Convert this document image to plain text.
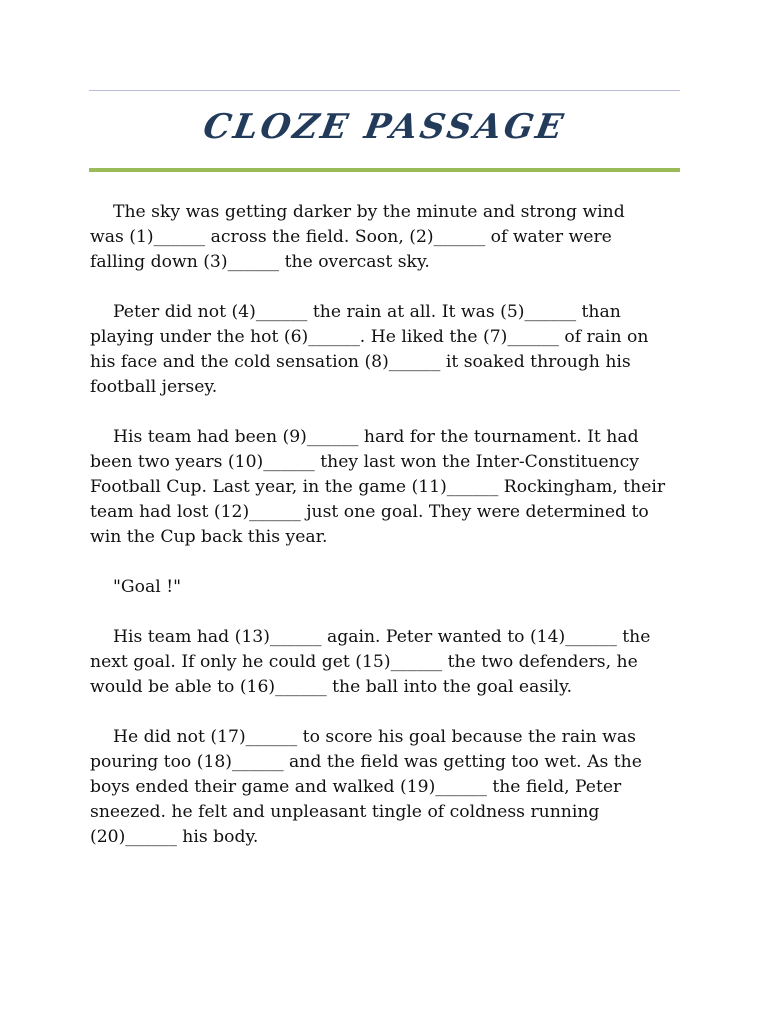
CLOZE PASSAGE

The sky was getting darker by the minute and strong wind
was (1)______ across the field. Soon, (2)______ of water were
falling down (3)______ the overcast sky.

Peter did not (4)______ the rain at all. It was (5)______ than
playing under the hot (6)______. He liked the (7)______ of rain on
his face and the cold sensation (8)______ it soaked through his
football jersey.

His team had been (9)______ hard for the tournament. It had
been two years (10)______ they last won the Inter-Constituency
Football Cup. Last year, in the game (11)______ Rockingham, their
team had lost (12)______ just one goal. They were determined to
win the Cup back this year.

"Goal !"

His team had (13)______ again. Peter wanted to (14)______ the
next goal. If only he could get (15)______ the two defenders, he
would be able to (16)______ the ball into the goal easily.

He did not (17)______ to score his goal because the rain was
pouring too (18)______ and the field was getting too wet. As the
boys ended their game and walked (19)______ the field, Peter
sneezed. he felt and unpleasant tingle of coldness running
(20)______ his body.
